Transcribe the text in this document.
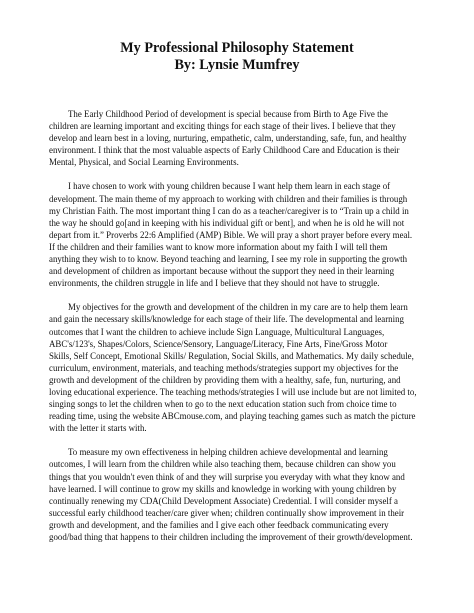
My Professional Philosophy Statement
By: Lynsie Mumfrey
The Early Childhood Period of development is special because from Birth to Age Five the
children are learning important and exciting things for each stage of their lives. I believe that they
develop and learn best in a loving, nurturing, empathetic, calm, understanding, safe, fun, and healthy
environment. I think that the most valuable aspects of Early Childhood Care and Education is their
Mental, Physical, and Social Learning Environments.
I have chosen to work with young children because I want help them learn in each stage of
development. The main theme of my approach to working with children and their families is through
my Christian Faith. The most important thing I can do as a teacher/caregiver is to “Train up a child in
the way he should go[and in keeping with his individual gift or bent], and when he is old he will not
depart from it.” Proverbs 22:6 Amplified (AMP) Bible. We will pray a short prayer before every meal.
If the children and their families want to know more information about my faith I will tell them
anything they wish to to know. Beyond teaching and learning, I see my role in supporting the growth
and development of children as important because without the support they need in their learning
environments, the children struggle in life and I believe that they should not have to struggle.
My objectives for the growth and development of the children in my care are to help them learn
and gain the necessary skills/knowledge for each stage of their life. The developmental and learning
outcomes that I want the children to achieve include Sign Language, Multicultural Languages,
ABC's/123's, Shapes/Colors, Science/Sensory, Language/Literacy, Fine Arts, Fine/Gross Motor
Skills, Self Concept, Emotional Skills/ Regulation, Social Skills, and Mathematics. My daily schedule,
curriculum, environment, materials, and teaching methods/strategies support my objectives for the
growth and development of the children by providing them with a healthy, safe, fun, nurturing, and
loving educational experience. The teaching methods/strategies I will use include but are not limited to,
singing songs to let the children when to go to the next education station such from choice time to
reading time, using the website ABCmouse.com, and playing teaching games such as match the picture
with the letter it starts with.
To measure my own effectiveness in helping children achieve developmental and learning
outcomes, I will learn from the children while also teaching them, because children can show you
things that you wouldn't even think of and they will surprise you everyday with what they know and
have learned. I will continue to grow my skills and knowledge in working with young children by
continually renewing my CDA(Child Development Associate) Credential. I will consider myself a
successful early childhood teacher/care giver when; children continually show improvement in their
growth and development, and the families and I give each other feedback communicating every
good/bad thing that happens to their children including the improvement of their growth/development.
